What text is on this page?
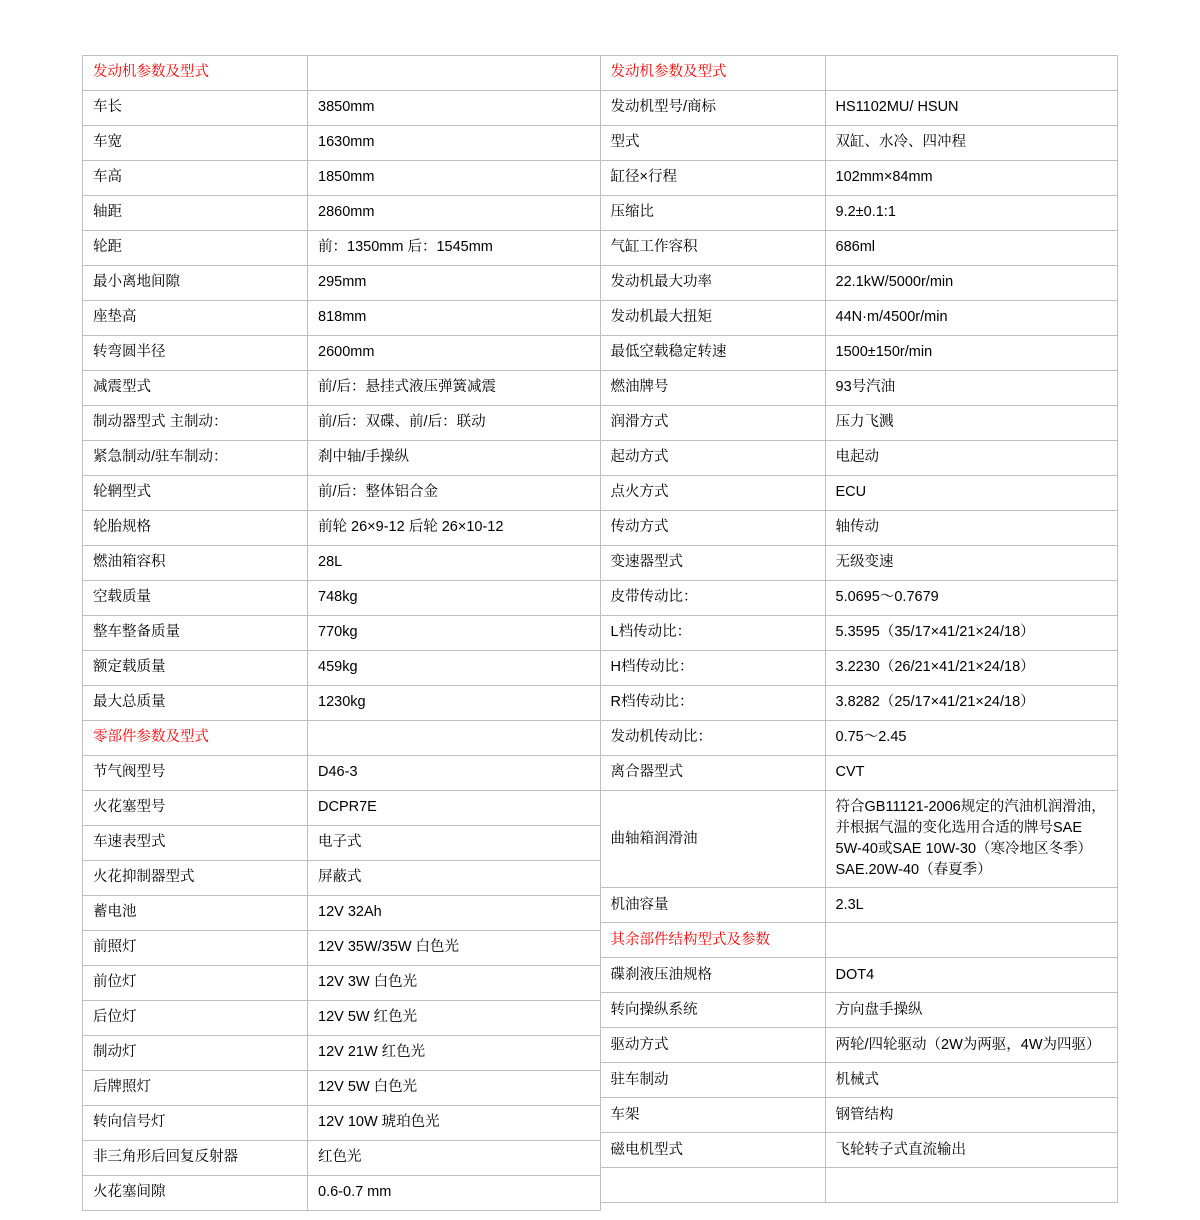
发动机参数及型式	
车长	3850mm
车宽	1630mm
车高	1850mm
轴距	2860mm
轮距	前：1350mm 后：1545mm
最小离地间隙	295mm
座垫高	818mm
转弯圆半径	2600mm
减震型式	前/后：悬挂式液压弹簧减震
制动器型式 主制动：	前/后：双碟、前/后：联动
紧急制动/驻车制动：	刹中轴/手操纵
轮辋型式	前/后：整体铝合金
轮胎规格	前轮 26×9-12 后轮 26×10-12
燃油箱容积	28L
空载质量	748kg
整车整备质量	770kg
额定载质量	459kg
最大总质量	1230kg
零部件参数及型式	
节气阀型号	D46-3
火花塞型号	DCPR7E
车速表型式	电子式
火花抑制器型式	屏蔽式
蓄电池	12V 32Ah
前照灯	12V 35W/35W 白色光
前位灯	12V 3W 白色光
后位灯	12V 5W 红色光
制动灯	12V 21W 红色光
后牌照灯	12V 5W 白色光
转向信号灯	12V 10W 琥珀色光
非三角形后回复反射器	红色光
火花塞间隙	0.6-0.7 mm
发动机参数及型式	
发动机型号/商标	HS1102MU/ HSUN
型式	双缸、水冷、四冲程
缸径×行程	102mm×84mm
压缩比	9.2±0.1:1
气缸工作容积	686ml
发动机最大功率	22.1kW/5000r/min
发动机最大扭矩	44N·m/4500r/min
最低空载稳定转速	1500±150r/min
燃油牌号	93号汽油
润滑方式	压力飞溅
起动方式	电起动
点火方式	ECU
传动方式	轴传动
变速器型式	无级变速
皮带传动比：	5.0695～0.7679
L档传动比：	5.3595（35/17×41/21×24/18）
H档传动比：	3.2230（26/21×41/21×24/18）
R档传动比：	3.8282（25/17×41/21×24/18）
发动机传动比：	0.75～2.45
离合器型式	CVT
曲轴箱润滑油	符合GB11121-2006规定的汽油机润滑油，并根据气温的变化选用合适的牌号SAE 5W-40或SAE 10W-30（寒冷地区冬季）SAE.20W-40（春夏季）
机油容量	2.3L
其余部件结构型式及参数	
碟刹液压油规格	DOT4
转向操纵系统	方向盘手操纵
驱动方式	两轮/四轮驱动（2W为两驱，4W为四驱）
驻车制动	机械式
车架	钢管结构
磁电机型式	飞轮转子式直流输出
